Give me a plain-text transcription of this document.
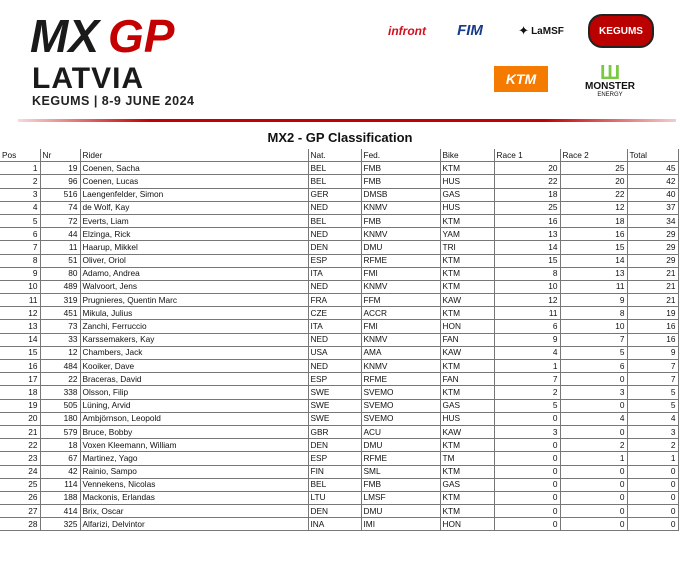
MX GP
LATVIA
KEGUMS | 8-9 JUNE 2024
infront	FIM	✦ LaMSF	KEGUMS
KTM	Ш
MONSTER
ENERGY
MX2 - GP Classification
Pos	Nr	Rider	Nat.	Fed.	Bike	Race 1	Race 2	Total
1	19	Coenen, Sacha	BEL	FMB	KTM	20	25	45
2	96	Coenen, Lucas	BEL	FMB	HUS	22	20	42
3	516	Laengenfelder, Simon	GER	DMSB	GAS	18	22	40
4	74	de Wolf, Kay	NED	KNMV	HUS	25	12	37
5	72	Everts, Liam	BEL	FMB	KTM	16	18	34
6	44	Elzinga, Rick	NED	KNMV	YAM	13	16	29
7	11	Haarup, Mikkel	DEN	DMU	TRI	14	15	29
8	51	Oliver, Oriol	ESP	RFME	KTM	15	14	29
9	80	Adamo, Andrea	ITA	FMI	KTM	8	13	21
10	489	Walvoort, Jens	NED	KNMV	KTM	10	11	21
11	319	Prugnieres, Quentin Marc	FRA	FFM	KAW	12	9	21
12	451	Mikula, Julius	CZE	ACCR	KTM	11	8	19
13	73	Zanchi, Ferruccio	ITA	FMI	HON	6	10	16
14	33	Karssemakers, Kay	NED	KNMV	FAN	9	7	16
15	12	Chambers, Jack	USA	AMA	KAW	4	5	9
16	484	Kooiker, Dave	NED	KNMV	KTM	1	6	7
17	22	Braceras, David	ESP	RFME	FAN	7	0	7
18	338	Olsson, Filip	SWE	SVEMO	KTM	2	3	5
19	505	Lüning, Arvid	SWE	SVEMO	GAS	5	0	5
20	180	Ambjörnson, Leopold	SWE	SVEMO	HUS	0	4	4
21	579	Bruce, Bobby	GBR	ACU	KAW	3	0	3
22	18	Voxen Kleemann, William	DEN	DMU	KTM	0	2	2
23	67	Martinez, Yago	ESP	RFME	TM	0	1	1
24	42	Rainio, Sampo	FIN	SML	KTM	0	0	0
25	114	Vennekens, Nicolas	BEL	FMB	GAS	0	0	0
26	188	Mackonis, Erlandas	LTU	LMSF	KTM	0	0	0
27	414	Brix, Oscar	DEN	DMU	KTM	0	0	0
28	325	Alfarizi, Delvintor	INA	IMI	HON	0	0	0
